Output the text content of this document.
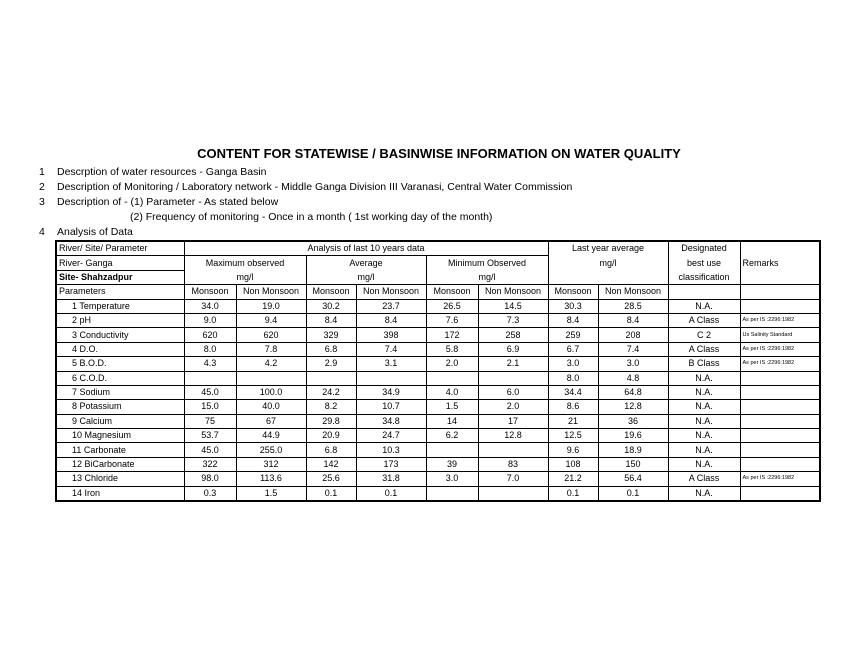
CONTENT FOR STATEWISE / BASINWISE INFORMATION ON WATER QUALITY
1 Descrption of water resources - Ganga Basin
2 Description of Monitoring / Laboratory network - Middle Ganga Division III Varanasi, Central Water Commission
3 Description of - (1) Parameter - As stated below
(2) Frequency of monitoring - Once in a month ( 1st working day of the month)
4 Analysis of Data
River/ Site/ Parameter	Analysis of last 10 years data						Last year average		Designated	Remarks
River- Ganga	Maximum observed		Average		Minimum Observed		mg/l		best use	
Site- Shahzadpur	mg/l		mg/l		mg/l				classification	
Parameters	Monsoon	Non Monsoon	Monsoon	Non Monsoon	Monsoon	Non Monsoon	Monsoon	Non Monsoon		
1 Temperature	34.0	19.0	30.2	23.7	26.5	14.5	30.3	28.5	N.A.	
2 pH	9.0	9.4	8.4	8.4	7.6	7.3	8.4	8.4	A Class	As per IS :2296:1982
3 Conductivity	620	620	329	398	172	258	259	208	C 2	Us Salinity Standard
4 D.O.	8.0	7.8	6.8	7.4	5.8	6.9	6.7	7.4	A Class	As per IS :2296:1982
5 B.O.D.	4.3	4.2	2.9	3.1	2.0	2.1	3.0	3.0	B Class	As per IS :2296:1982
6 C.O.D.							8.0	4.8	N.A.	
7 Sodium	45.0	100.0	24.2	34.9	4.0	6.0	34.4	64.8	N.A.	
8 Potassium	15.0	40.0	8.2	10.7	1.5	2.0	8.6	12.8	N.A.	
9 Calcium	75	67	29.8	34.8	14	17	21	36	N.A.	
10 Magnesium	53.7	44.9	20.9	24.7	6.2	12.8	12.5	19.6	N.A.	
11 Carbonate	45.0	255.0	6.8	10.3			9.6	18.9	N.A.	
12 BiCarbonate	322	312	142	173	39	83	108	150	N.A.	
13 Chloride	98.0	113.6	25.6	31.8	3.0	7.0	21.2	56.4	A Class	As per IS :2296:1982
14 Iron	0.3	1.5	0.1	0.1			0.1	0.1	N.A.	
